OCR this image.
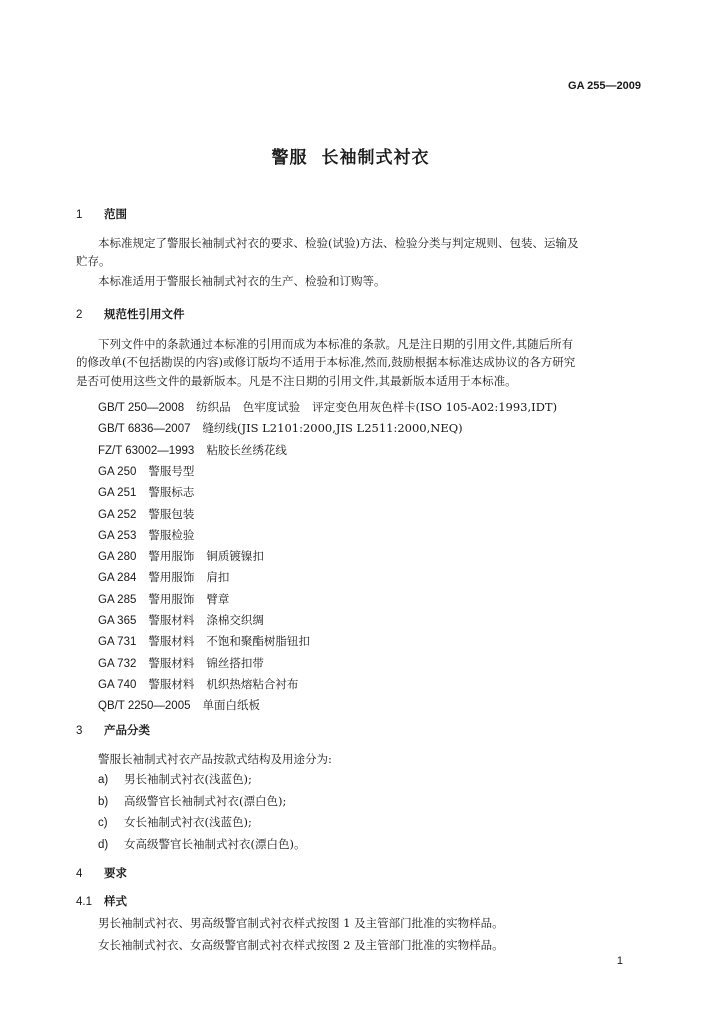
GA 255—2009
警服 长袖制式衬衣
1 范围
本标准规定了警服长袖制式衬衣的要求、检验(试验)方法、检验分类与判定规则、包装、运输及
贮存。
本标准适用于警服长袖制式衬衣的生产、检验和订购等。
2 规范性引用文件
下列文件中的条款通过本标准的引用而成为本标准的条款。凡是注日期的引用文件,其随后所有
的修改单(不包括勘误的内容)或修订版均不适用于本标准,然而,鼓励根据本标准达成协议的各方研究
是否可使用这些文件的最新版本。凡是不注日期的引用文件,其最新版本适用于本标准。
GB/T 250—2008 纺织品 色牢度试验 评定变色用灰色样卡(ISO 105-A02:1993,IDT)
GB/T 6836—2007 缝纫线(JIS L2101:2000,JIS L2511:2000,NEQ)
FZ/T 63002—1993 粘胶长丝绣花线
GA 250 警服号型
GA 251 警服标志
GA 252 警服包装
GA 253 警服检验
GA 280 警用服饰 铜质镀镍扣
GA 284 警用服饰 肩扣
GA 285 警用服饰 臂章
GA 365 警服材料 涤棉交织绸
GA 731 警服材料 不饱和聚酯树脂钮扣
GA 732 警服材料 锦丝搭扣带
GA 740 警服材料 机织热熔粘合衬布
QB/T 2250—2005 单面白纸板
3 产品分类
警服长袖制式衬衣产品按款式结构及用途分为:
a) 男长袖制式衬衣(浅蓝色);
b) 高级警官长袖制式衬衣(漂白色);
c) 女长袖制式衬衣(浅蓝色);
d) 女高级警官长袖制式衬衣(漂白色)。
4 要求
4.1 样式
男长袖制式衬衣、男高级警官制式衬衣样式按图 1 及主管部门批准的实物样品。
女长袖制式衬衣、女高级警官制式衬衣样式按图 2 及主管部门批准的实物样品。
1
